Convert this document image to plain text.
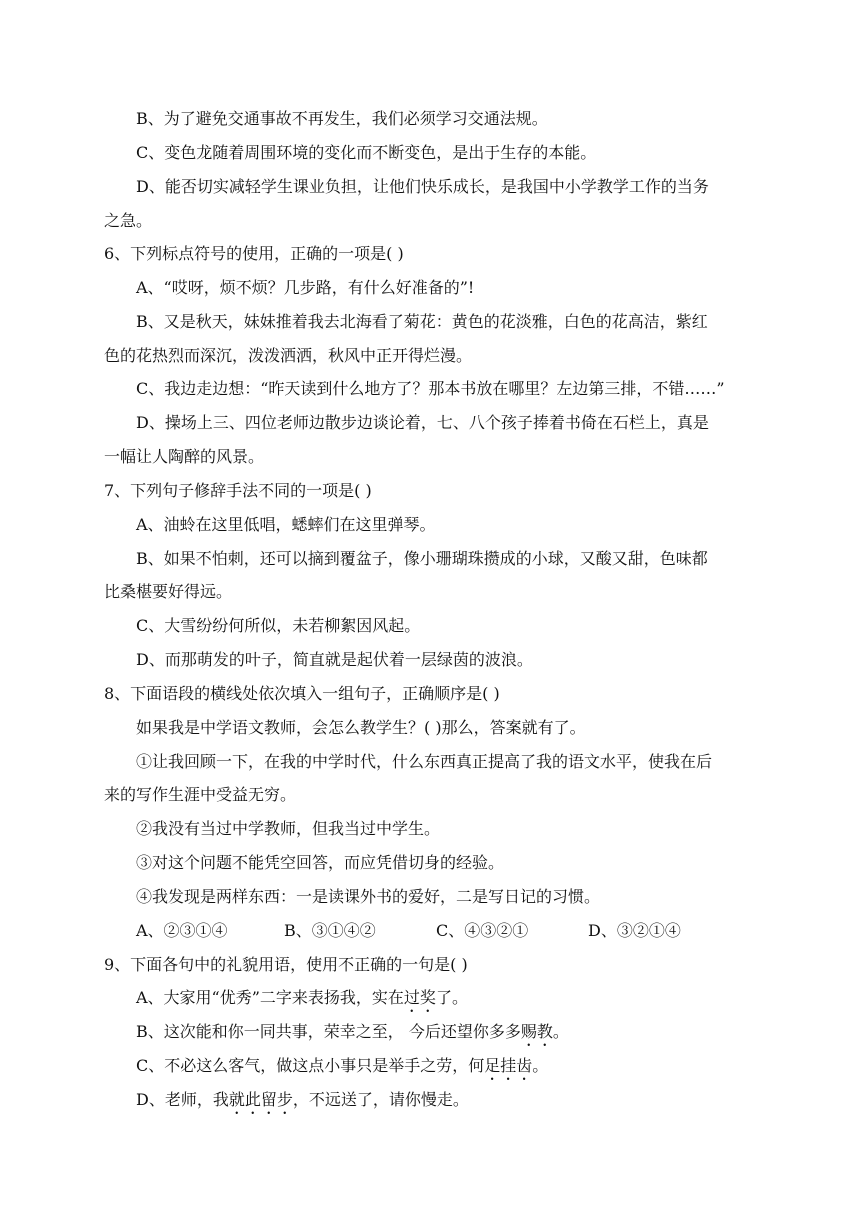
B、为了避免交通事故不再发生，我们必须学习交通法规。
C、变色龙随着周围环境的变化而不断变色，是出于生存的本能。
D、能否切实减轻学生课业负担，让他们快乐成长，是我国中小学教学工作的当务
之急。
6、下列标点符号的使用，正确的一项是( )
A、“哎呀，烦不烦？几步路，有什么好准备的”!
B、又是秋天，妹妹推着我去北海看了菊花：黄色的花淡雅，白色的花高洁，紫红
色的花热烈而深沉，泼泼洒洒，秋风中正开得烂漫。
C、我边走边想：“昨天读到什么地方了？那本书放在哪里？左边第三排，不错……”
D、操场上三、四位老师边散步边谈论着，七、八个孩子捧着书倚在石栏上，真是
一幅让人陶醉的风景。
7、下列句子修辞手法不同的一项是( )
A、油蛉在这里低唱，蟋蟀们在这里弹琴。
B、如果不怕刺，还可以摘到覆盆子，像小珊瑚珠攒成的小球，又酸又甜，色味都
比桑椹要好得远。
C、大雪纷纷何所似，未若柳絮因风起。
D、而那萌发的叶子，简直就是起伏着一层绿茵的波浪。
8、下面语段的横线处依次填入一组句子，正确顺序是( )
如果我是中学语文教师，会怎么教学生？( )那么，答案就有了。
①让我回顾一下，在我的中学时代，什么东西真正提高了我的语文水平，使我在后
来的写作生涯中受益无穷。
②我没有当过中学教师，但我当过中学生。
③对这个问题不能凭空回答，而应凭借切身的经验。
④我发现是两样东西：一是读课外书的爱好，二是写日记的习惯。
A、②③①④	B、③①④②	C、④③②①	D、③②①④
9、下面各句中的礼貌用语，使用不正确的一句是( )
A、大家用“优秀”二字来表扬我，实在过奖了。
B、这次能和你一同共事，荣幸之至， 今后还望你多多赐教。
C、不必这么客气，做这点小事只是举手之劳，何足挂齿。
D、老师，我就此留步，不远送了，请你慢走。
